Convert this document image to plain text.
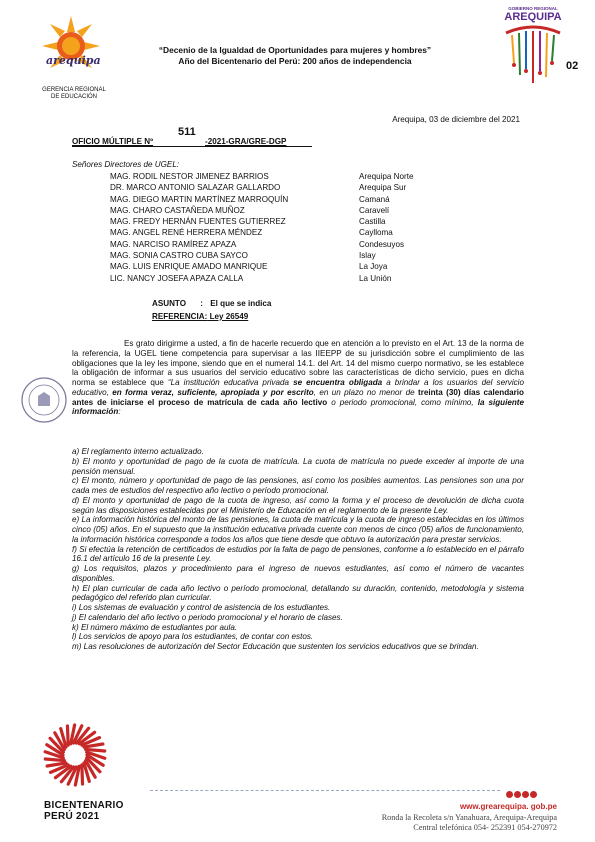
arequipa
GERENCIA REGIONAL
DE EDUCACIÓN
“Decenio de la Igualdad de Oportunidades para mujeres y hombres”
Año del Bicentenario del Perú: 200 años de independencia
GOBIERNO REGIONAL
AREQUIPA
02
Arequipa, 03 de diciembre del 2021
OFICIO MÚLTIPLE Nº
511
-2021-GRA/GRE-DGP
Señores Directores de UGEL:
MAG. RODIL NESTOR JIMENEZ BARRIOS	Arequipa Norte
DR. MARCO ANTONIO SALAZAR GALLARDO	Arequipa Sur
MAG. DIEGO MARTIN MARTÍNEZ MARROQUÍN	Camaná
MAG. CHARO CASTAÑEDA MUÑOZ	Caravelí
MAG. FREDY HERNÁN FUENTES GUTIERREZ	Castilla
MAG. ANGEL RENÉ HERRERA MÉNDEZ	Caylloma
MAG. NARCISO RAMÍREZ APAZA	Condesuyos
MAG. SONIA CASTRO CUBA SAYCO	Islay
MAG. LUIS ENRIQUE AMADO MANRIQUE	La Joya
LIC. NANCY JOSEFA APAZA CALLA	La Unión
ASUNTO : El que se indica
REFERENCIA: Ley 26549
Es grato dirigirme a usted, a fin de hacerle recuerdo que en atención a lo previsto en el Art. 13 de la norma de la referencia, la UGEL tiene competencia para supervisar a las IIEEPP de su jurisdicción sobre el cumplimiento de las obligaciones que la ley les impone, siendo que en el numeral 14.1. del Art. 14 del mismo cuerpo normativo, se les establece la obligación de informar a sus usuarios del servicio educativo sobre las características de dicho servicio, pues en dicha norma se establece que “La institución educativa privada se encuentra obligada a brindar a los usuarios del servicio educativo, en forma veraz, suficiente, apropiada y por escrito, en un plazo no menor de treinta (30) días calendario antes de iniciarse el proceso de matrícula de cada año lectivo o periodo promocional, como mínimo, la siguiente información:

a) El reglamento interno actualizado.

b) El monto y oportunidad de pago de la cuota de matrícula. La cuota de matrícula no puede exceder al importe de una pensión mensual.

c) El monto, número y oportunidad de pago de las pensiones, así como los posibles aumentos. Las pensiones son una por cada mes de estudios del respectivo año lectivo o período promocional.

d) El monto y oportunidad de pago de la cuota de ingreso, así como la forma y el proceso de devolución de dicha cuota según las disposiciones establecidas por el Ministerio de Educación en el reglamento de la presente Ley.

e) La información histórica del monto de las pensiones, la cuota de matrícula y la cuota de ingreso establecidas en los últimos cinco (05) años. En el supuesto que la institución educativa privada cuente con menos de cinco (05) años de funcionamiento, la información histórica corresponde a todos los años que tiene desde que obtuvo la autorización para prestar servicios.

f) Si efectúa la retención de certificados de estudios por la falta de pago de pensiones, conforme a lo establecido en el párrafo 16.1 del artículo 16 de la presente Ley.

g) Los requisitos, plazos y procedimiento para el ingreso de nuevos estudiantes, así como el número de vacantes disponibles.

h) El plan curricular de cada año lectivo o período promocional, detallando su duración, contenido, metodología y sistema pedagógico del referido plan curricular.

i) Los sistemas de evaluación y control de asistencia de los estudiantes.

j) El calendario del año lectivo o periodo promocional y el horario de clases.

k) El número máximo de estudiantes por aula.

l) Los servicios de apoyo para los estudiantes, de contar con estos.

m) Las resoluciones de autorización del Sector Educación que sustenten los servicios educativos que se brindan.

BICENTENARIO
PERÚ 2021
www.grearequipa. gob.pe
Ronda la Recoleta s/n Yanahuara, Arequipa-Arequipa
Central telefónica 054- 252391 054-270972
